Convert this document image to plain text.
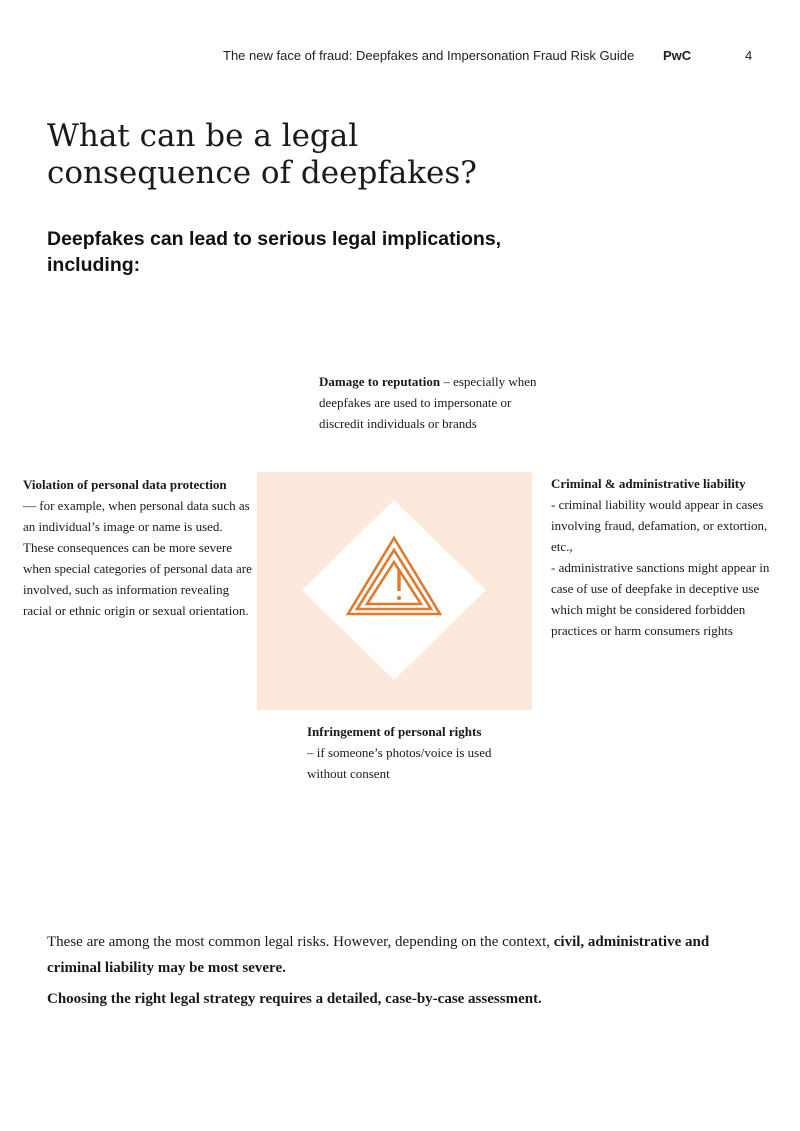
The new face of fraud: Deepfakes and Impersonation Fraud Risk Guide PwC	4
What can be a legal consequence of deepfakes?
Deepfakes can lead to serious legal implications, including:
Damage to reputation – especially when deepfakes are used to impersonate or discredit individuals or brands
Violation of personal data protection
— for example, when personal data such as an individual’s image or name is used. These consequences can be more severe when special categories of personal data are involved, such as information revealing racial or ethnic origin or sexual orientation.
Criminal & administrative liability
- criminal liability would appear in cases involving fraud, defamation, or extortion, etc.,
- administrative sanctions might appear in case of use of deepfake in deceptive use which might be considered forbidden practices or harm consumers rights
Infringement of personal rights
– if someone’s photos/voice is used without consent

These are among the most common legal risks. However, depending on the context, civil, administrative and criminal liability may be most severe.

Choosing the right legal strategy requires a detailed, case-by-case assessment.
